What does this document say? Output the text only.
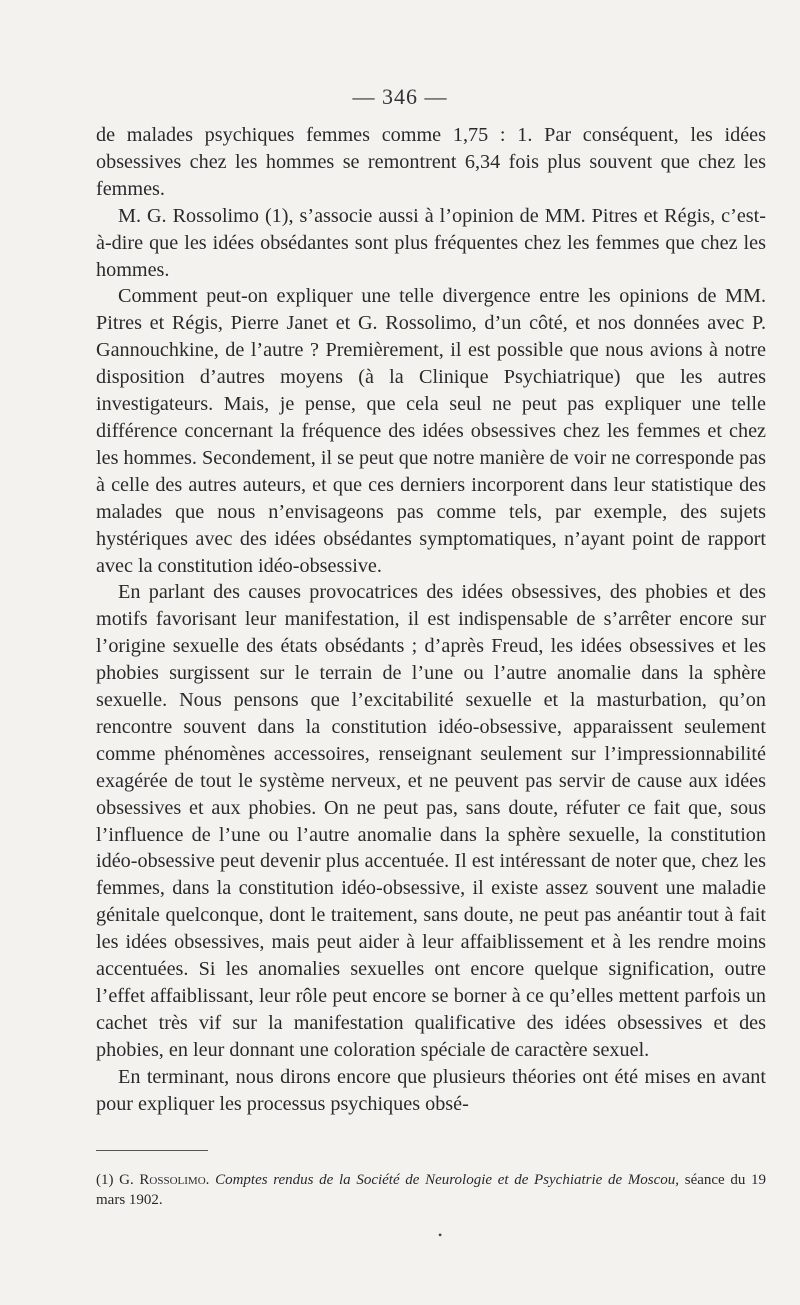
— 346 —

de malades psychiques femmes comme 1,75 : 1. Par conséquent, les idées obsessives chez les hommes se remontrent 6,34 fois plus souvent que chez les femmes.

M. G. Rossolimo (1), s’associe aussi à l’opinion de MM. Pitres et Régis, c’est-à-dire que les idées obsédantes sont plus fréquentes chez les femmes que chez les hommes.

Comment peut-on expliquer une telle divergence entre les opinions de MM. Pitres et Régis, Pierre Janet et G. Rossolimo, d’un côté, et nos données avec P. Gannouchkine, de l’autre ? Premièrement, il est possible que nous avions à notre disposition d’autres moyens (à la Clinique Psychiatrique) que les autres investigateurs. Mais, je pense, que cela seul ne peut pas expliquer une telle différence concernant la fréquence des idées obsessives chez les femmes et chez les hommes. Secondement, il se peut que notre manière de voir ne corresponde pas à celle des autres auteurs, et que ces derniers incorporent dans leur statistique des malades que nous n’envisageons pas comme tels, par exemple, des sujets hystériques avec des idées obsédantes symptomatiques, n’ayant point de rapport avec la constitution idéo-obsessive.

En parlant des causes provocatrices des idées obsessives, des phobies et des motifs favorisant leur manifestation, il est indispensable de s’arrêter encore sur l’origine sexuelle des états obsédants ; d’après Freud, les idées obsessives et les phobies surgissent sur le terrain de l’une ou l’autre anomalie dans la sphère sexuelle. Nous pensons que l’excitabilité sexuelle et la masturbation, qu’on rencontre souvent dans la constitution idéo-obsessive, apparaissent seulement comme phénomènes accessoires, renseignant seulement sur l’impressionnabilité exagérée de tout le système nerveux, et ne peuvent pas servir de cause aux idées obsessives et aux phobies. On ne peut pas, sans doute, réfuter ce fait que, sous l’influence de l’une ou l’autre anomalie dans la sphère sexuelle, la constitution idéo-obsessive peut devenir plus accentuée. Il est intéressant de noter que, chez les femmes, dans la constitution idéo-obsessive, il existe assez souvent une maladie génitale quelconque, dont le traitement, sans doute, ne peut pas anéantir tout à fait les idées obsessives, mais peut aider à leur affaiblissement et à les rendre moins accentuées. Si les anomalies sexuelles ont encore quelque signification, outre l’effet affaiblissant, leur rôle peut encore se borner à ce qu’elles mettent parfois un cachet très vif sur la manifestation qualificative des idées obsessives et des phobies, en leur donnant une coloration spéciale de caractère sexuel.

En terminant, nous dirons encore que plusieurs théories ont été mises en avant pour expliquer les processus psychiques obsé-

(1) G. Rossolimo. Comptes rendus de la Société de Neurologie et de Psychiatrie de Moscou, séance du 19 mars 1902.
•
